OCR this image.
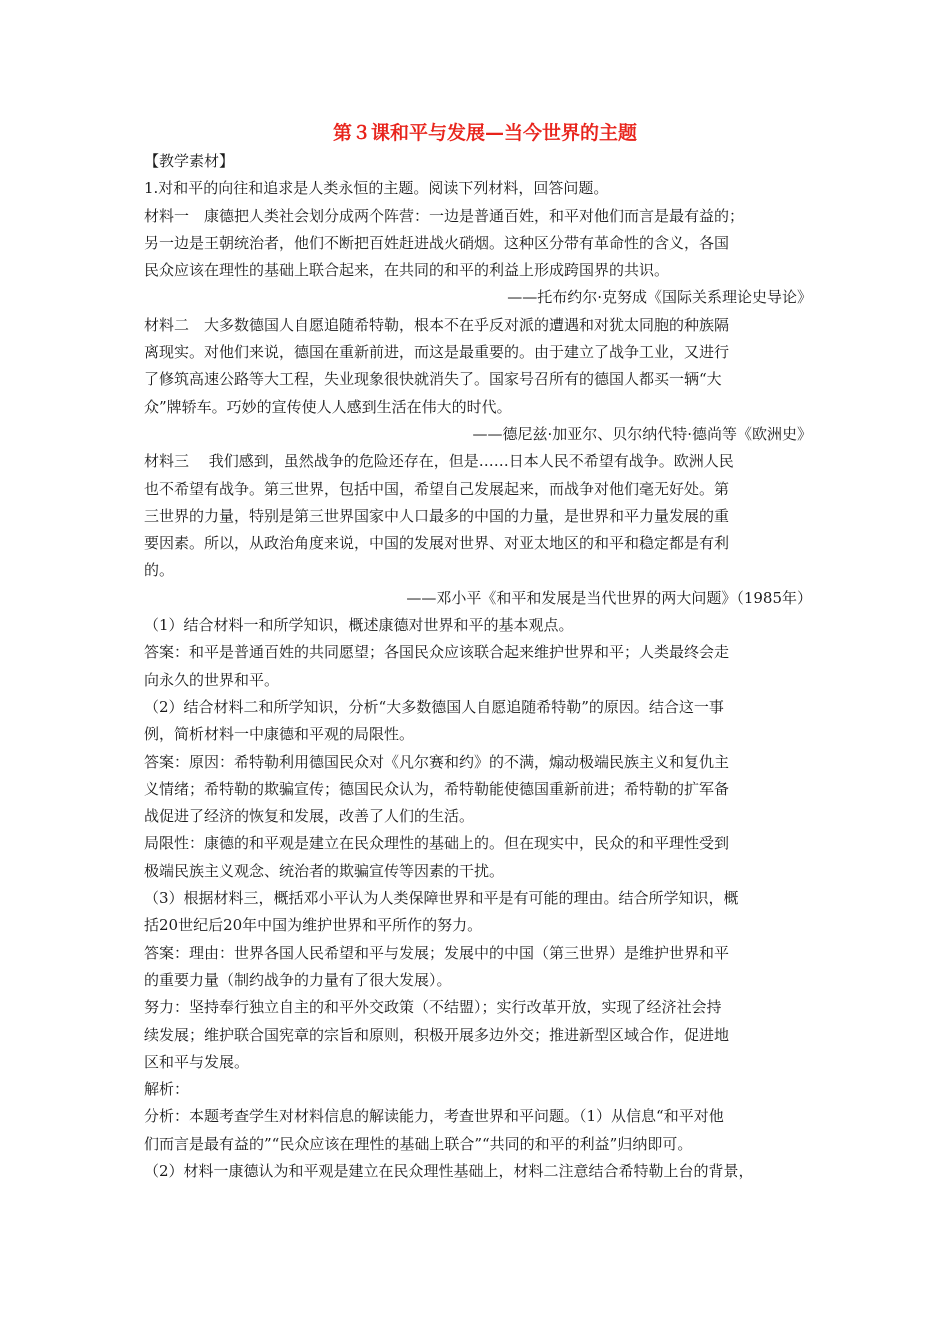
第３课和平与发展—当今世界的主题

【教学素材】

1.对和平的向往和追求是人类永恒的主题。阅读下列材料，回答问题。

材料一　康德把人类社会划分成两个阵营：一边是普通百姓，和平对他们而言是最有益的；

另一边是王朝统治者，他们不断把百姓赶进战火硝烟。这种区分带有革命性的含义，各国

民众应该在理性的基础上联合起来，在共同的和平的利益上形成跨国界的共识。

——托布约尔·克努成《国际关系理论史导论》

材料二　大多数德国人自愿追随希特勒，根本不在乎反对派的遭遇和对犹太同胞的种族隔

离现实。对他们来说，德国在重新前进，而这是最重要的。由于建立了战争工业，又进行

了修筑高速公路等大工程，失业现象很快就消失了。国家号召所有的德国人都买一辆“大

众”牌轿车。巧妙的宣传使人人感到生活在伟大的时代。

——德尼兹·加亚尔、贝尔纳代特·德尚等《欧洲史》

材料三　 我们感到，虽然战争的危险还存在，但是……日本人民不希望有战争。欧洲人民

也不希望有战争。第三世界，包括中国，希望自己发展起来，而战争对他们毫无好处。第

三世界的力量，特别是第三世界国家中人口最多的中国的力量，是世界和平力量发展的重

要因素。所以，从政治角度来说，中国的发展对世界、对亚太地区的和平和稳定都是有利

的。

——邓小平《和平和发展是当代世界的两大问题》（1985年）

（1）结合材料一和所学知识，概述康德对世界和平的基本观点。

答案：和平是普通百姓的共同愿望；各国民众应该联合起来维护世界和平；人类最终会走

向永久的世界和平。

（2）结合材料二和所学知识，分析“大多数德国人自愿追随希特勒”的原因。结合这一事

例，简析材料一中康德和平观的局限性。

答案：原因：希特勒利用德国民众对《凡尔赛和约》的不满，煽动极端民族主义和复仇主

义情绪；希特勒的欺骗宣传；德国民众认为，希特勒能使德国重新前进；希特勒的扩军备

战促进了经济的恢复和发展，改善了人们的生活。

局限性：康德的和平观是建立在民众理性的基础上的。但在现实中，民众的和平理性受到

极端民族主义观念、统治者的欺骗宣传等因素的干扰。

（3）根据材料三，概括邓小平认为人类保障世界和平是有可能的理由。结合所学知识，概

括20世纪后20年中国为维护世界和平所作的努力。

答案：理由：世界各国人民希望和平与发展；发展中的中国（第三世界）是维护世界和平

的重要力量（制约战争的力量有了很大发展）。

努力：坚持奉行独立自主的和平外交政策（不结盟）；实行改革开放，实现了经济社会持

续发展；维护联合国宪章的宗旨和原则，积极开展多边外交；推进新型区域合作，促进地

区和平与发展。

解析：

分析：本题考查学生对材料信息的解读能力，考查世界和平问题。（1）从信息“和平对他

们而言是最有益的”“民众应该在理性的基础上联合”“共同的和平的利益”归纳即可。

（2）材料一康德认为和平观是建立在民众理性基础上，材料二注意结合希特勒上台的背景，
